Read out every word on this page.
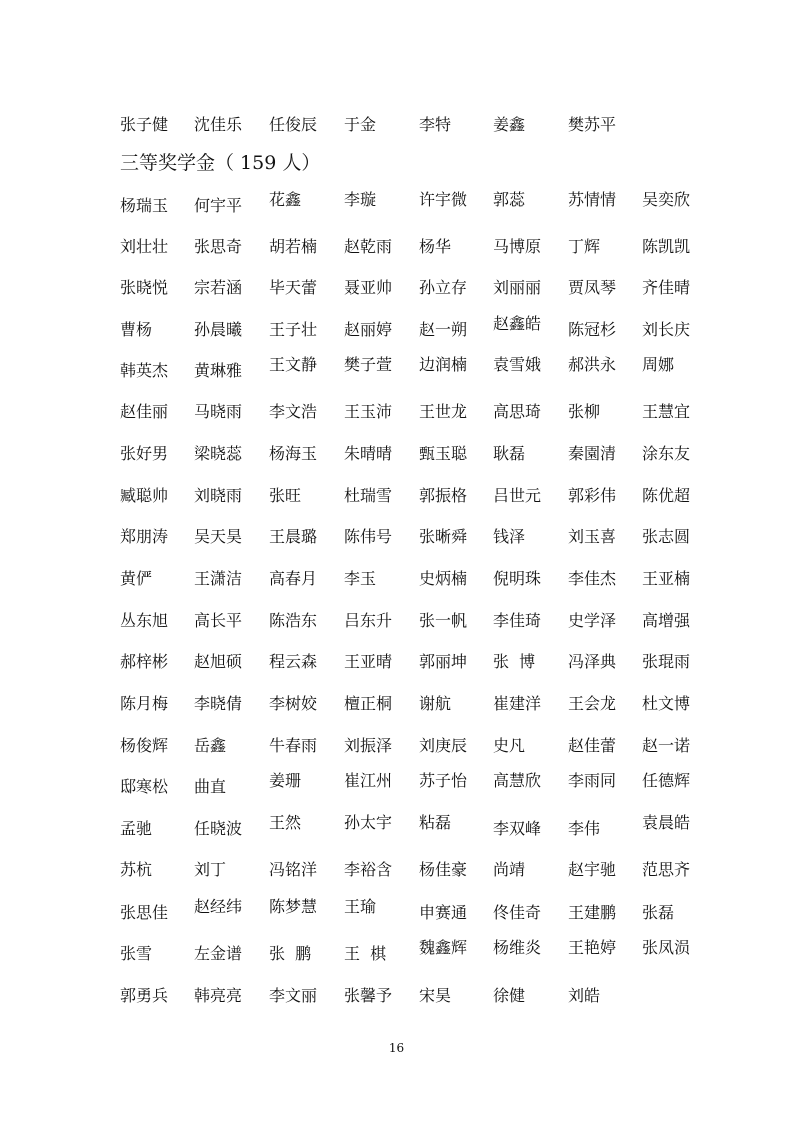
张子健 沈佳乐 任俊辰 于金	李特	姜鑫	樊苏平
三等奖学金（ 159 人）
杨瑞玉 何宇平 花鑫	李璇	许宇微 郭蕊	苏情情 吴奕欣
刘壮壮 张思奇 胡若楠 赵乾雨 杨华	马博原 丁辉	陈凯凯
张晓悦 宗若涵 毕天蕾 聂亚帅 孙立存 刘丽丽 贾凤琴 齐佳晴
曹杨	孙晨曦 王子壮 赵丽婷 赵一朔 赵鑫皓 陈冠杉 刘长庆
韩英杰 黄琳雅 王文静 樊子萱 边润楠 袁雪娥 郝洪永 周娜
赵佳丽 马晓雨 李文浩 王玉沛 王世龙 高思琦 张柳	王慧宜
张好男 梁晓蕊 杨海玉 朱晴晴 甄玉聪 耿磊	秦園清 涂东友
臧聪帅 刘晓雨 张旺	杜瑞雪 郭振格 吕世元 郭彩伟 陈优超
郑朋涛 吴天昊 王晨璐 陈伟号 张晰舜 钱泽	刘玉喜 张志圆
黄俨	王潇洁 高春月 李玉	史炳楠 倪明珠 李佳杰 王亚楠
丛东旭 高长平 陈浩东 吕东升 张一帆 李佳琦 史学泽 高增强
郝梓彬 赵旭硕 程云森 王亚晴 郭丽坤 张  博 冯泽典 张琨雨
陈月梅 李晓倩 李树姣 檀正桐 谢航	崔建洋 王会龙 杜文博
杨俊辉 岳鑫	牛春雨 刘振泽 刘庚辰 史凡	赵佳蕾 赵一诺
邸寒松 曲直	姜珊	崔江州 苏子怡 高慧欣 李雨同 任德辉
孟驰	任晓波 王然	孙太宇 粘磊	李双峰 李伟	袁晨皓
苏杭	刘丁	冯铭洋 李裕含 杨佳豪 尚靖	赵宇驰 范思齐
张思佳 赵经纬 陈梦慧 王瑜	申赛通 佟佳奇 王建鹏 张磊
张雪	左金谱 张  鹏 王  棋 魏鑫辉 杨维炎 王艳婷 张凤涢
郭勇兵 韩亮亮 李文丽 张馨予 宋昊	徐健	刘皓
16
